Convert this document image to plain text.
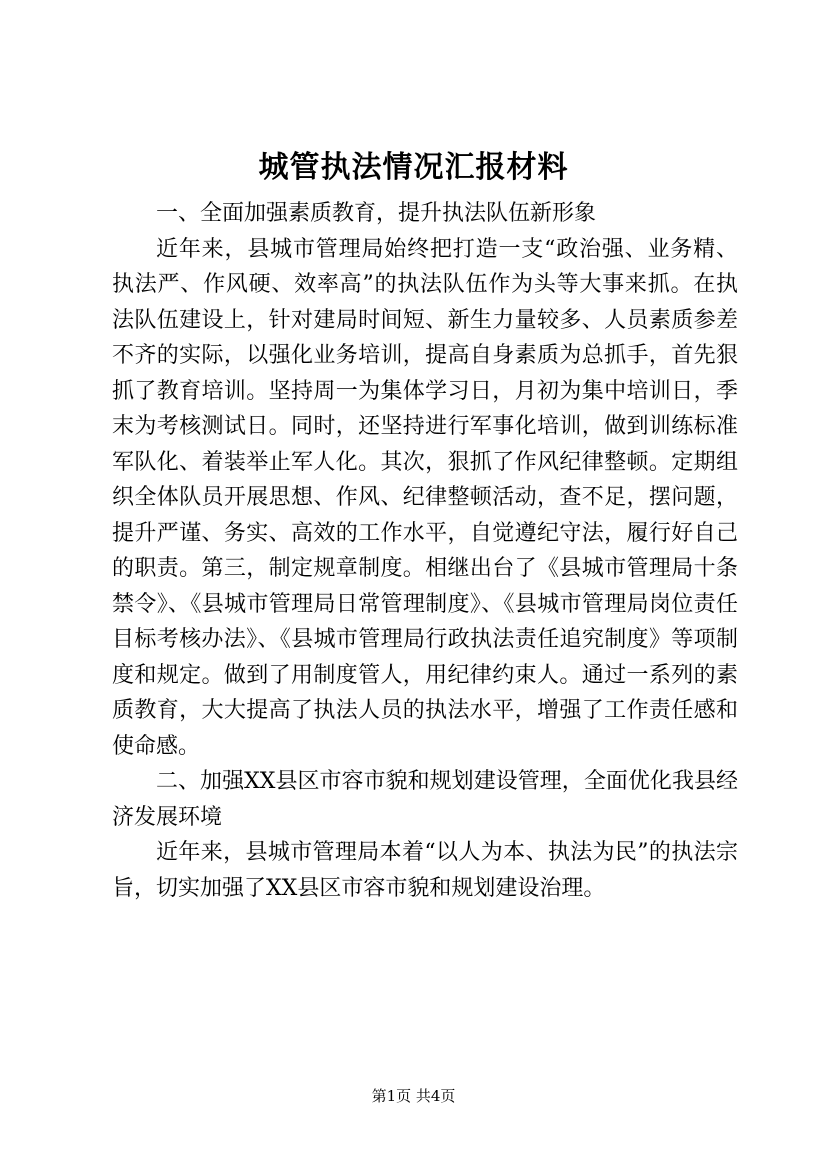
城管执法情况汇报材料

一、全面加强素质教育，提升执法队伍新形象

近年来，县城市管理局始终把打造一支“政治强、业务精、执法严、作风硬、效率高”的执法队伍作为头等大事来抓。在执法队伍建设上，针对建局时间短、新生力量较多、人员素质参差不齐的实际，以强化业务培训，提高自身素质为总抓手，首先狠抓了教育培训。坚持周一为集体学习日，月初为集中培训日，季末为考核测试日。同时，还坚持进行军事化培训，做到训练标准军队化、着装举止军人化。其次，狠抓了作风纪律整顿。定期组织全体队员开展思想、作风、纪律整顿活动，查不足，摆问题，提升严谨、务实、高效的工作水平，自觉遵纪守法，履行好自己的职责。第三，制定规章制度。相继出台了《县城市管理局十条禁令》、《县城市管理局日常管理制度》、《县城市管理局岗位责任目标考核办法》、《县城市管理局行政执法责任追究制度》等项制度和规定。做到了用制度管人，用纪律约束人。通过一系列的素质教育，大大提高了执法人员的执法水平，增强了工作责任感和使命感。

二、加强XX县区市容市貌和规划建设管理，全面优化我县经济发展环境

近年来，县城市管理局本着“以人为本、执法为民”的执法宗旨，切实加强了XX县区市容市貌和规划建设治理。

第1页 共4页
